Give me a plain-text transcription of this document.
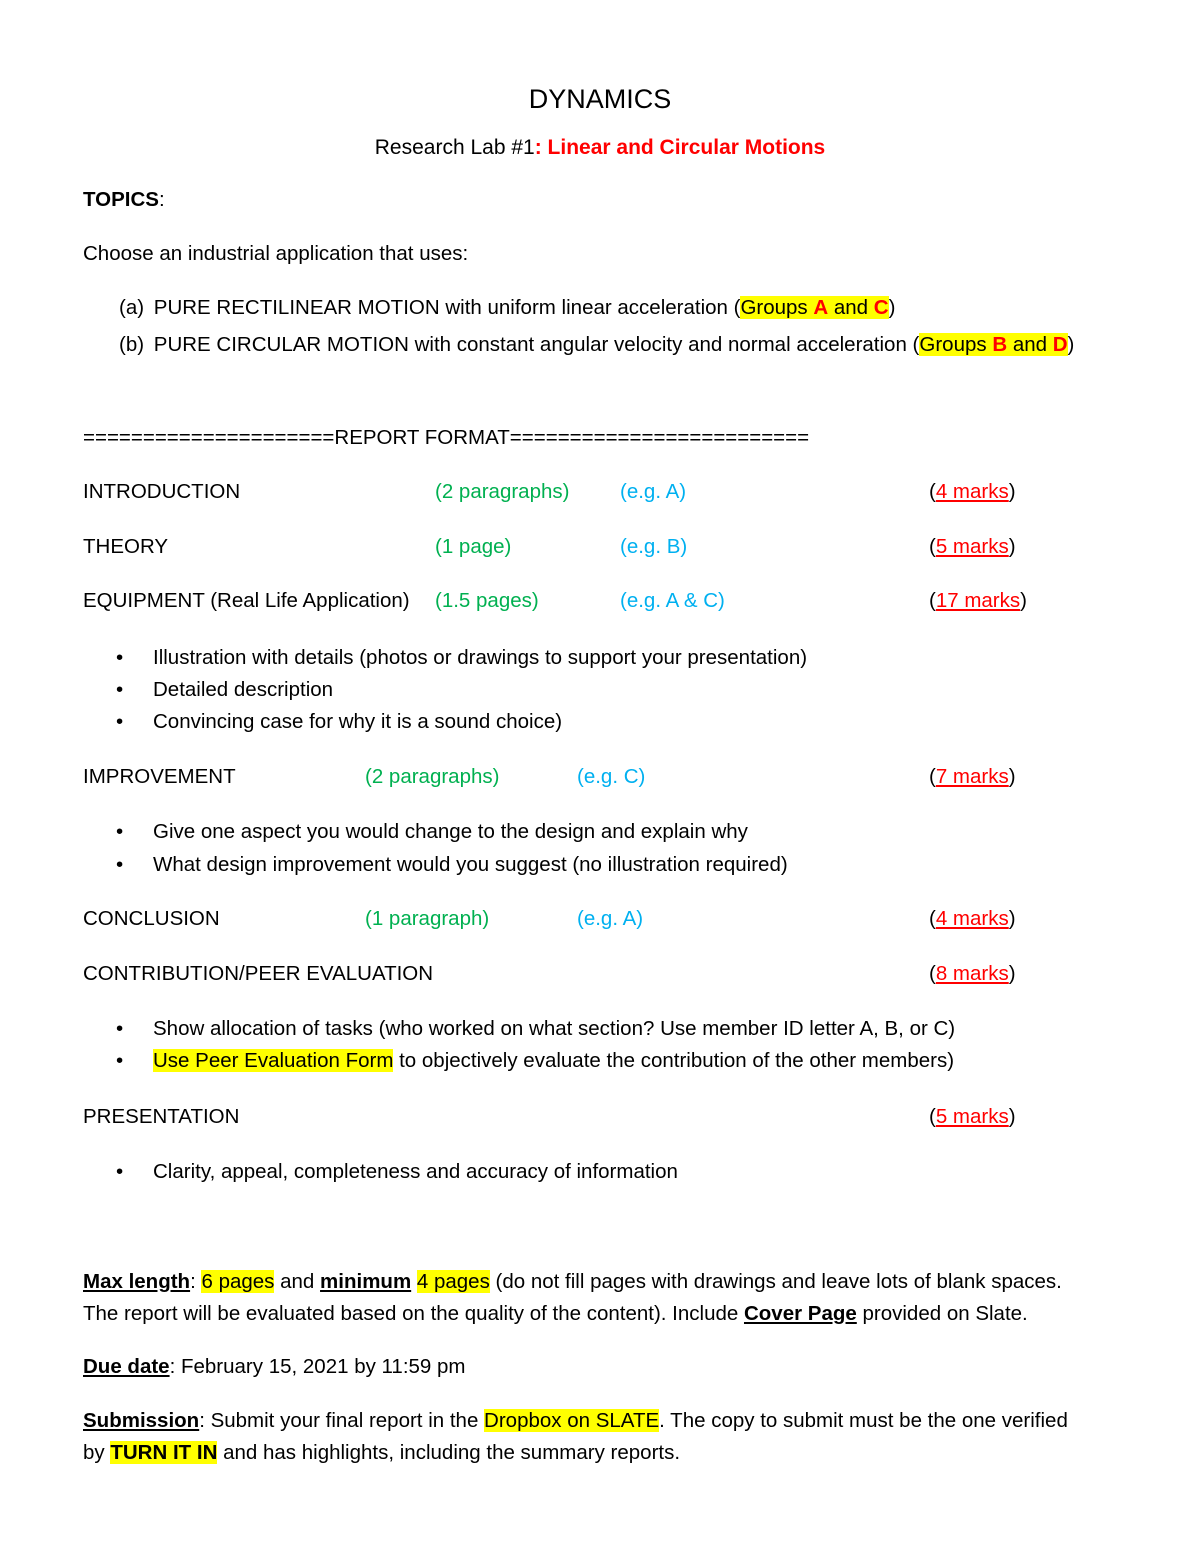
DYNAMICS
Research Lab #1: Linear and Circular Motions
TOPICS:
Choose an industrial application that uses:
(a) PURE RECTILINEAR MOTION with uniform linear acceleration (Groups A and C)
(b) PURE CIRCULAR MOTION with constant angular velocity and normal acceleration (Groups B and D)
=====================REPORT FORMAT=========================
INTRODUCTION	(2 paragraphs) (e.g. A)	(4 marks)
THEORY	(1 page)	(e.g. B)	(5 marks)
EQUIPMENT (Real Life Application) (1.5 pages)	(e.g. A & C)	(17 marks)
• Illustration with details (photos or drawings to support your presentation)
• Detailed description
• Convincing case for why it is a sound choice)
IMPROVEMENT	(2 paragraphs)	(e.g. C)	(7 marks)
• Give one aspect you would change to the design and explain why
• What design improvement would you suggest (no illustration required)
CONCLUSION	(1 paragraph)	(e.g. A)	(4 marks)
CONTRIBUTION/PEER EVALUATION	(8 marks)
• Show allocation of tasks (who worked on what section? Use member ID letter A, B, or C)
• Use Peer Evaluation Form to objectively evaluate the contribution of the other members)
PRESENTATION	(5 marks)
• Clarity, appeal, completeness and accuracy of information
Max length: 6 pages and minimum 4 pages (do not fill pages with drawings and leave lots of blank spaces.
The report will be evaluated based on the quality of the content). Include Cover Page provided on Slate.
Due date: February 15, 2021 by 11:59 pm
Submission: Submit your final report in the Dropbox on SLATE. The copy to submit must be the one verified
by TURN IT IN and has highlights, including the summary reports.
